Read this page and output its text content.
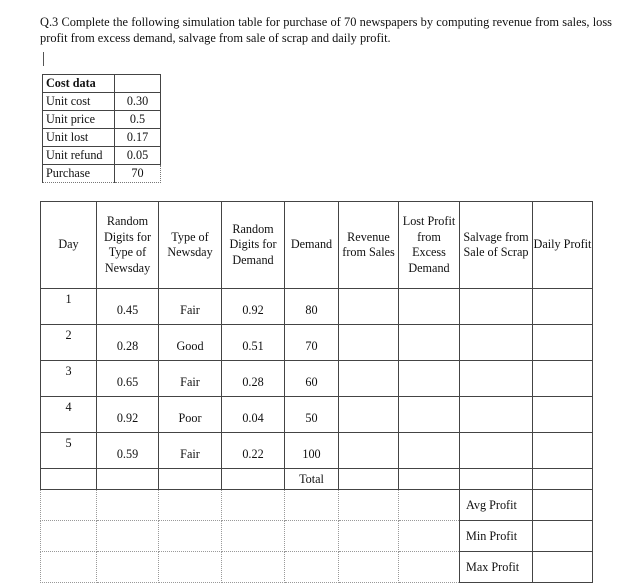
Q.3 Complete the following simulation table for purchase of 70 newspapers by computing revenue from sales, loss profit from excess demand, salvage from sale of scrap and daily profit.
Cost data	
Unit cost	0.30
Unit price	0.5
Unit lost	0.17
Unit refund	0.05
Purchase	70
Day	Random Digits for Type of Newsday	Type of Newsday	Random Digits for Demand	Demand	Revenue from Sales	Lost Profit from Excess Demand	Salvage from Sale of Scrap	Daily Profit
1	0.45	Fair	0.92	80				
2	0.28	Good	0.51	70				
3	0.65	Fair	0.28	60				
4	0.92	Poor	0.04	50				
5	0.59	Fair	0.22	100				
				Total				
							Avg Profit	
							Min Profit	
							Max Profit	
